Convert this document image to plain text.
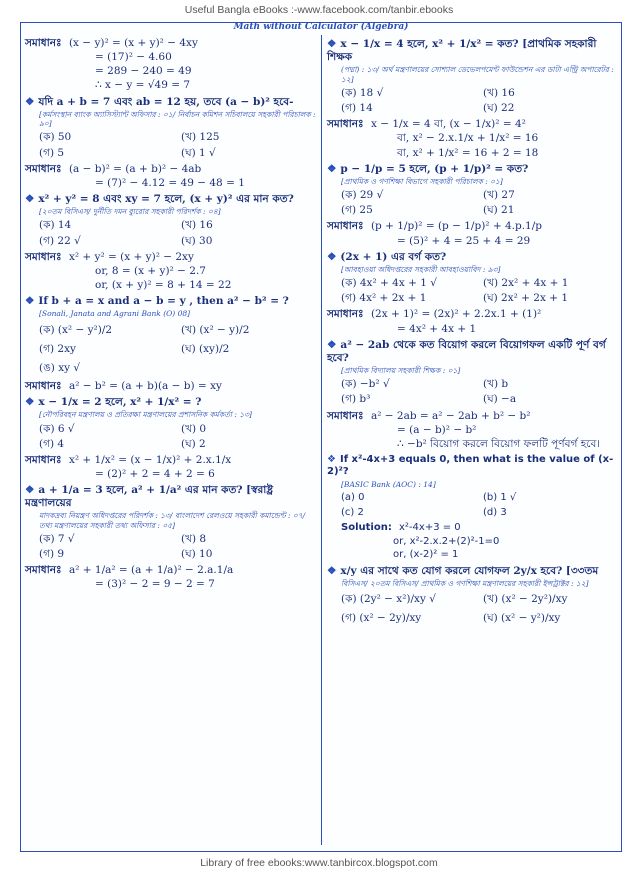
Useful Bangla eBooks :-www.facebook.com/tanbir.ebooks
Math without Calculator (Algebra)
সমাধানঃ (x − y)² = (x + y)² − 4xy
= (17)² − 4.60
= 289 − 240 = 49
∴ x − y = √49 = 7
❖ যদি a + b = 7 এবং ab = 12 হয়, তবে (a − b)² হবে-
[কর্মসংস্থান ব্যাংক অ্যাসিস্ট্যান্ট অফিসার : ০১/ নির্বাচন কমিশন সচিবালয়ে সহকারী পরিচালক : ৯০]
(ক) 50	(খ) 125
(গ) 5	(ঘ) 1 √
সমাধানঃ (a − b)² = (a + b)² − 4ab
= (7)² − 4.12 = 49 − 48 = 1
❖ x² + y² = 8 এবং xy = 7 হলে, (x + y)² এর মান কত?
[২০তম বিসিএস/ দুর্নীতি দমন ব্যুরোর সহকারী পরিদর্শক : ০৪]
(ক) 14	(খ) 16
(গ) 22 √	(ঘ) 30
সমাধানঃ x² + y² = (x + y)² − 2xy
or, 8 = (x + y)² − 2.7
or, (x + y)² = 8 + 14 = 22
❖ If b + a = x and a − b = y , then a² − b² = ?
[Sonali, Janata and Agrani Bank (O) 08]
(ক) (x² − y²)/2	(খ) (x² − y)/2
(গ) 2xy	(ঘ) (xy)/2
(ঙ) xy √
সমাধানঃ a² − b² = (a + b)(a − b) = xy
❖ x − 1/x = 2 হলে, x² + 1/x² = ?
[নৌপরিবহন মন্ত্রণালয় ও প্রতিরক্ষা মন্ত্রণালয়ের প্রশাসনিক কর্মকর্তা : ১৩]
(ক) 6 √	(খ) 0
(গ) 4	(ঘ) 2
সমাধানঃ x² + 1/x² = (x − 1/x)² + 2.x.1/x
= (2)² + 2 = 4 + 2 = 6
❖ a + 1/a = 3 হলে, a² + 1/a² এর মান কত? [স্বরাষ্ট্র মন্ত্রণালয়ের
মাদকদ্রব্য নিয়ন্ত্রণ অধিদপ্তরের পরিদর্শক : ১৩/ বাংলাদেশ রেলওয়ে সহকারী কমান্ডেন্ট : ০৭/ তথ্য মন্ত্রণালয়ের সহকারী তথ্য অফিসার : ০৫]
(ক) 7 √	(খ) 8
(গ) 9	(ঘ) 10
সমাধানঃ a² + 1/a² = (a + 1/a)² − 2.a.1/a
= (3)² − 2 = 9 − 2 = 7
❖ x − 1/x = 4 হলে, x² + 1/x² = কত? [প্রাথমিক সহকারী শিক্ষক
(পদ্মা) : ১৩/ অর্থ মন্ত্রণালয়ের সোশ্যাল ডেভেলপমেন্ট ফাউন্ডেশন এর ডাটা এন্ট্রি অপারেটর : ১২]
(ক) 18 √	(খ) 16
(গ) 14	(ঘ) 22
সমাধানঃ x − 1/x = 4 বা, (x − 1/x)² = 4²
বা, x² − 2.x.1/x + 1/x² = 16
বা, x² + 1/x² = 16 + 2 = 18
❖ p − 1/p = 5 হলে, (p + 1/p)² = কত?
[প্রাথমিক ও গণশিক্ষা বিভাগে সহকারী পরিচালক : ০১]
(ক) 29 √	(খ) 27
(গ) 25	(ঘ) 21
সমাধানঃ (p + 1/p)² = (p − 1/p)² + 4.p.1/p
= (5)² + 4 = 25 + 4 = 29
❖ (2x + 1) এর বর্গ কত?
[আবহাওয়া অধিদপ্তরের সহকারী আবহাওয়াবিদ : ৯৩]
(ক) 4x² + 4x + 1 √	(খ) 2x² + 4x + 1
(গ) 4x² + 2x + 1	(ঘ) 2x² + 2x + 1
সমাধানঃ (2x + 1)² = (2x)² + 2.2x.1 + (1)²
= 4x² + 4x + 1
❖ a² − 2ab থেকে কত বিয়োগ করলে বিয়োগফল একটি পূর্ণ বর্গ হবে?
[প্রাথমিক বিদ্যালয় সহকারী শিক্ষক : ০১]
(ক) −b² √	(খ) b
(গ) b³	(ঘ) −a
সমাধানঃ a² − 2ab = a² − 2ab + b² − b²
= (a − b)² − b²
∴ −b² বিয়োগ করলে বিয়োগ ফলটি পূর্ণবর্গ হবে।
❖ If x²-4x+3 equals 0, then what is the value of (x-2)²?
[BASIC Bank (AOC) : 14]
(a) 0	(b) 1 √
(c) 2	(d) 3
Solution: x²-4x+3 = 0
or, x²-2.x.2+(2)²-1=0
or, (x-2)² = 1
❖ x/y এর সাথে কত যোগ করলে যোগফল 2y/x হবে? [৩৩তম
বিসিএস/ ২০তম বিসিএস/ প্রাথমিক ও গণশিক্ষা মন্ত্রণালয়ের সহকারী ইন্সট্রাক্টর : ১২]
(ক) (2y² − x²)/xy √	(খ) (x² − 2y²)/xy
(গ) (x² − 2y)/xy	(ঘ) (x² − y²)/xy
Library of free ebooks:www.tanbircox.blogspot.com
